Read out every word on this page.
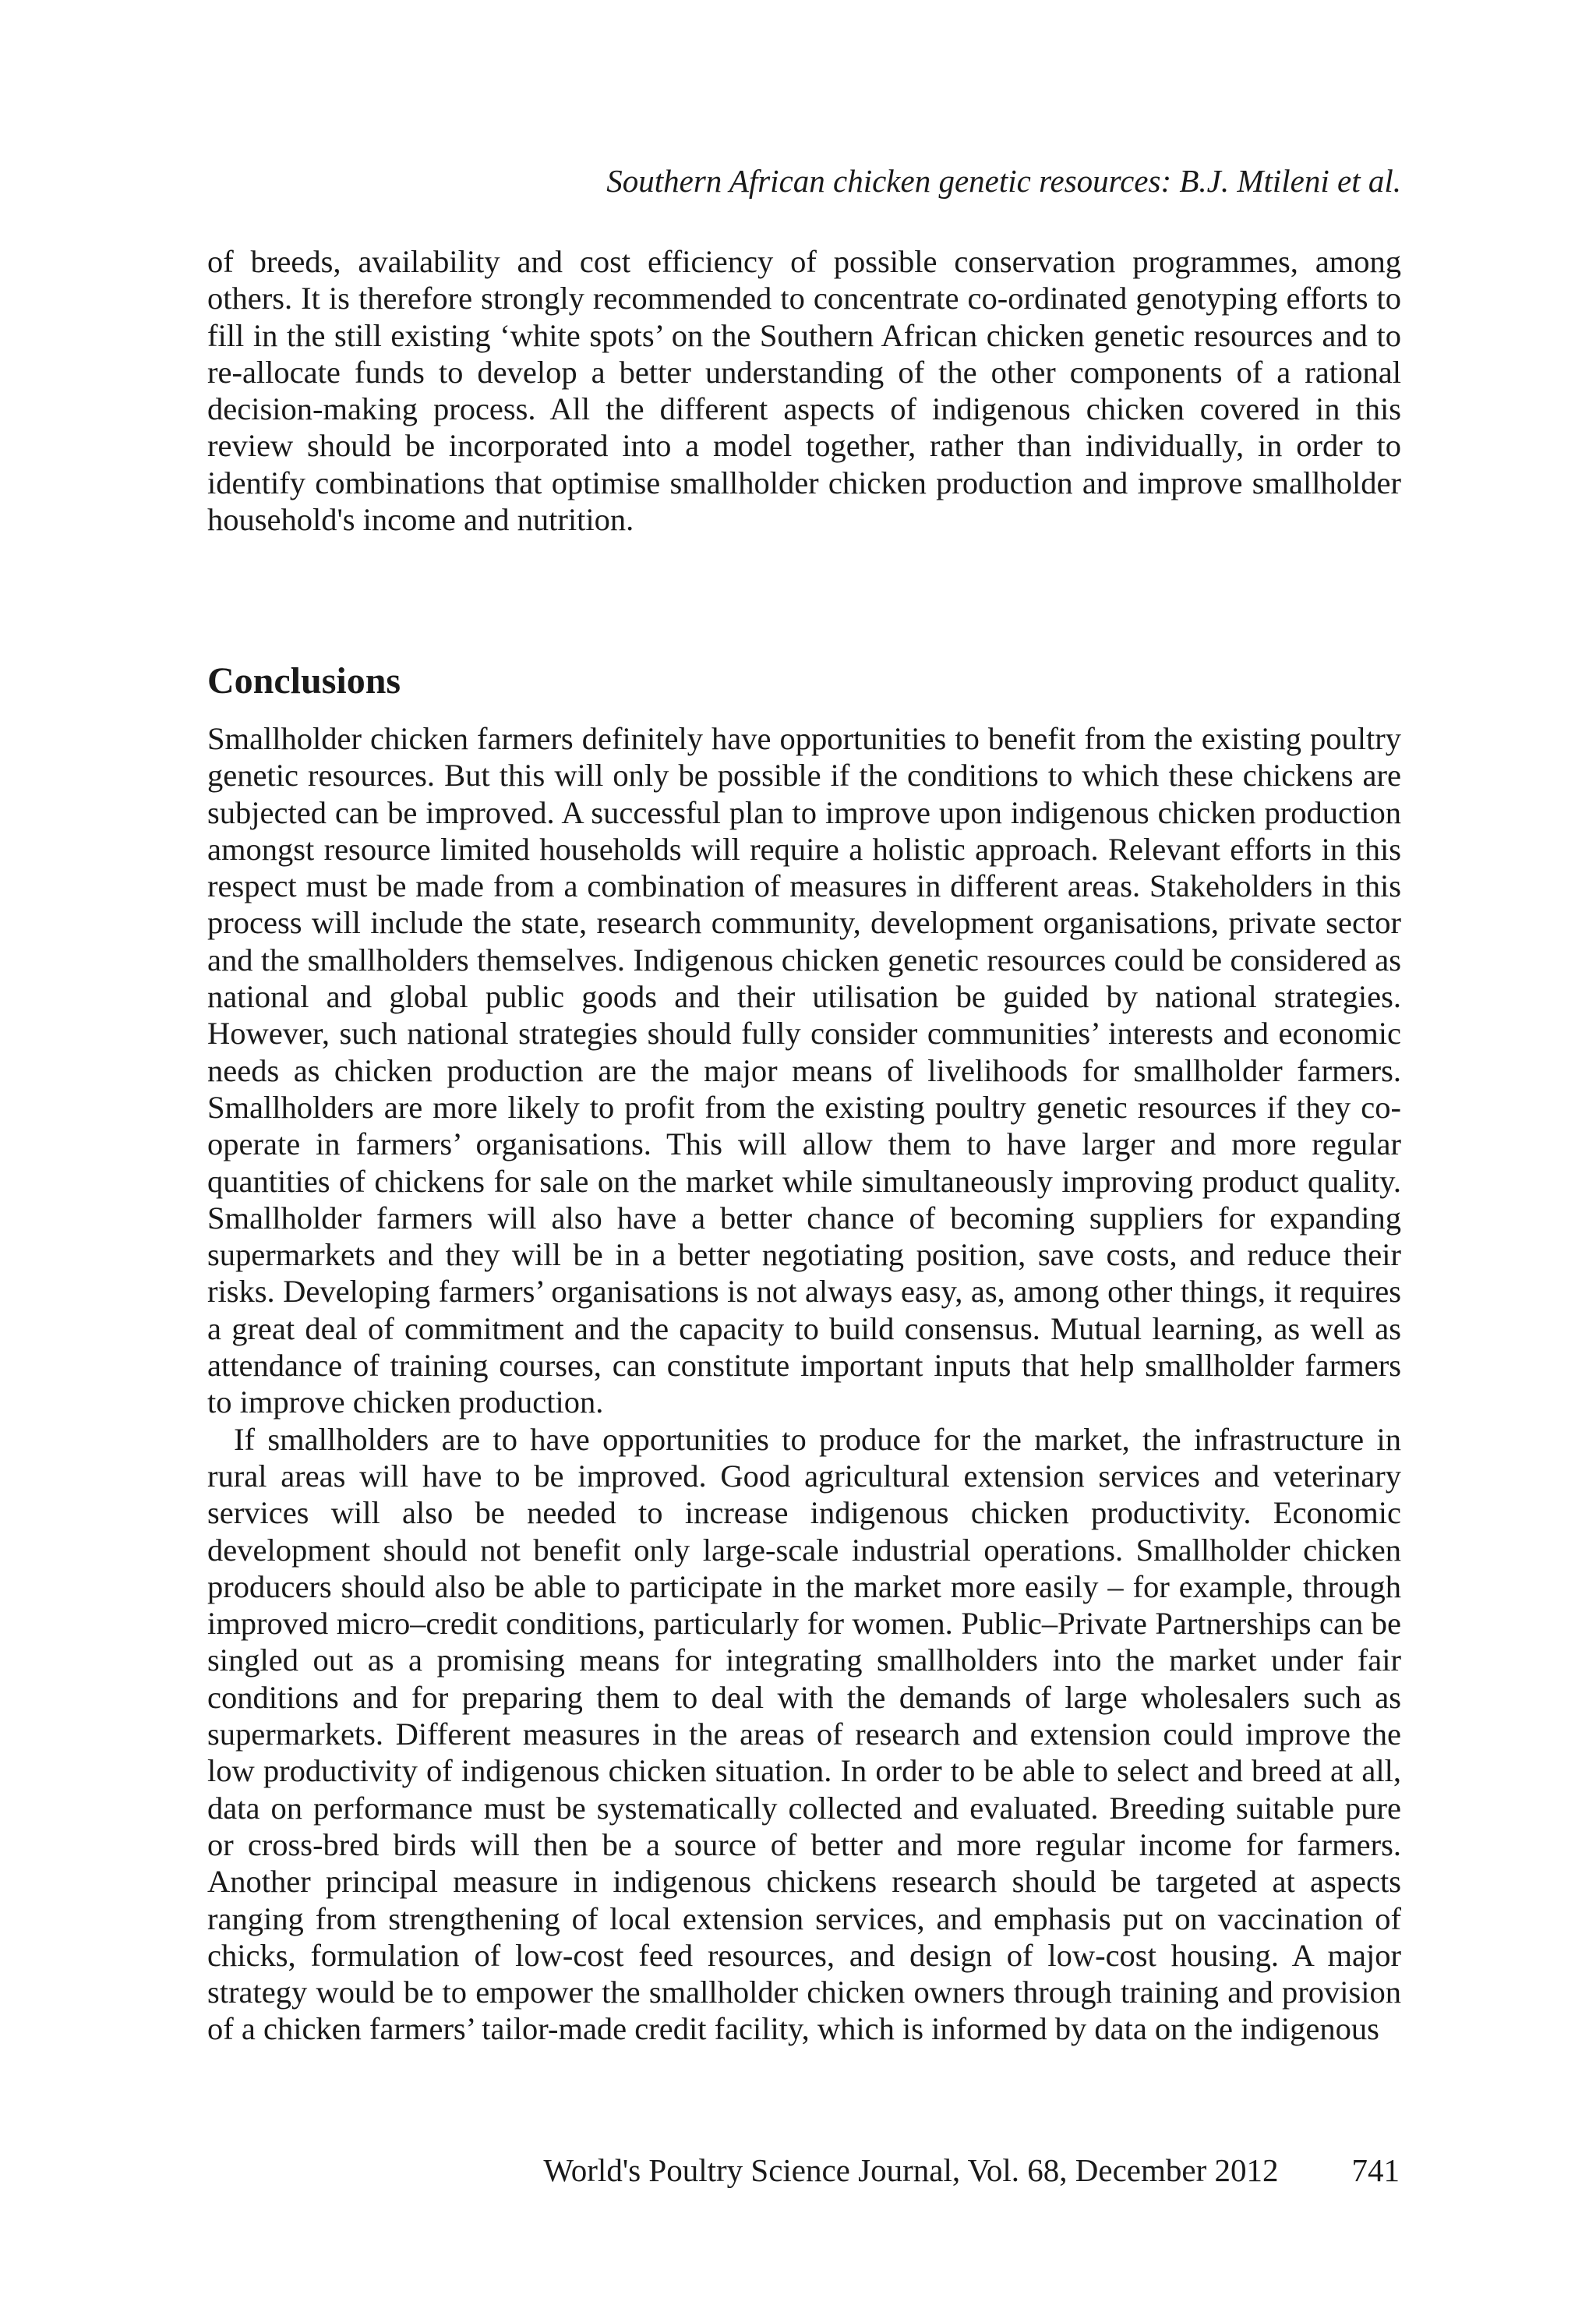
Southern African chicken genetic resources: B.J. Mtileni et al.

of breeds, availability and cost efficiency of possible conservation programmes, among others. It is therefore strongly recommended to concentrate co-ordinated genotyping efforts to fill in the still existing ‘white spots’ on the Southern African chicken genetic resources and to re-allocate funds to develop a better understanding of the other components of a rational decision-making process. All the different aspects of indigenous chicken covered in this review should be incorporated into a model together, rather than individually, in order to identify combinations that optimise smallholder chicken production and improve smallholder household's income and nutrition.

Conclusions

Smallholder chicken farmers definitely have opportunities to benefit from the existing poultry genetic resources. But this will only be possible if the conditions to which these chickens are subjected can be improved. A successful plan to improve upon indigenous chicken production amongst resource limited households will require a holistic approach. Relevant efforts in this respect must be made from a combination of measures in different areas. Stakeholders in this process will include the state, research community, development organisations, private sector and the smallholders themselves. Indigenous chicken genetic resources could be considered as national and global public goods and their utilisation be guided by national strategies. However, such national strategies should fully consider communities’ interests and economic needs as chicken production are the major means of livelihoods for smallholder farmers. Smallholders are more likely to profit from the existing poultry genetic resources if they co-operate in farmers’ organisations. This will allow them to have larger and more regular quantities of chickens for sale on the market while simultaneously improving product quality. Smallholder farmers will also have a better chance of becoming suppliers for expanding supermarkets and they will be in a better negotiating position, save costs, and reduce their risks. Developing farmers’ organisations is not always easy, as, among other things, it requires a great deal of commitment and the capacity to build consensus. Mutual learning, as well as attendance of training courses, can constitute important inputs that help smallholder farmers to improve chicken production.

If smallholders are to have opportunities to produce for the market, the infrastructure in rural areas will have to be improved. Good agricultural extension services and veterinary services will also be needed to increase indigenous chicken productivity. Economic development should not benefit only large-scale industrial operations. Smallholder chicken producers should also be able to participate in the market more easily – for example, through improved micro–credit conditions, particularly for women. Public–Private Partnerships can be singled out as a promising means for integrating smallholders into the market under fair conditions and for preparing them to deal with the demands of large wholesalers such as supermarkets. Different measures in the areas of research and extension could improve the low productivity of indigenous chicken situation. In order to be able to select and breed at all, data on performance must be systematically collected and evaluated. Breeding suitable pure or cross-bred birds will then be a source of better and more regular income for farmers. Another principal measure in indigenous chickens research should be targeted at aspects ranging from strengthening of local extension services, and emphasis put on vaccination of chicks, formulation of low-cost feed resources, and design of low-cost housing. A major strategy would be to empower the smallholder chicken owners through training and provision of a chicken farmers’ tailor-made credit facility, which is informed by data on the indigenous

World's Poultry Science Journal, Vol. 68, December 2012 741
